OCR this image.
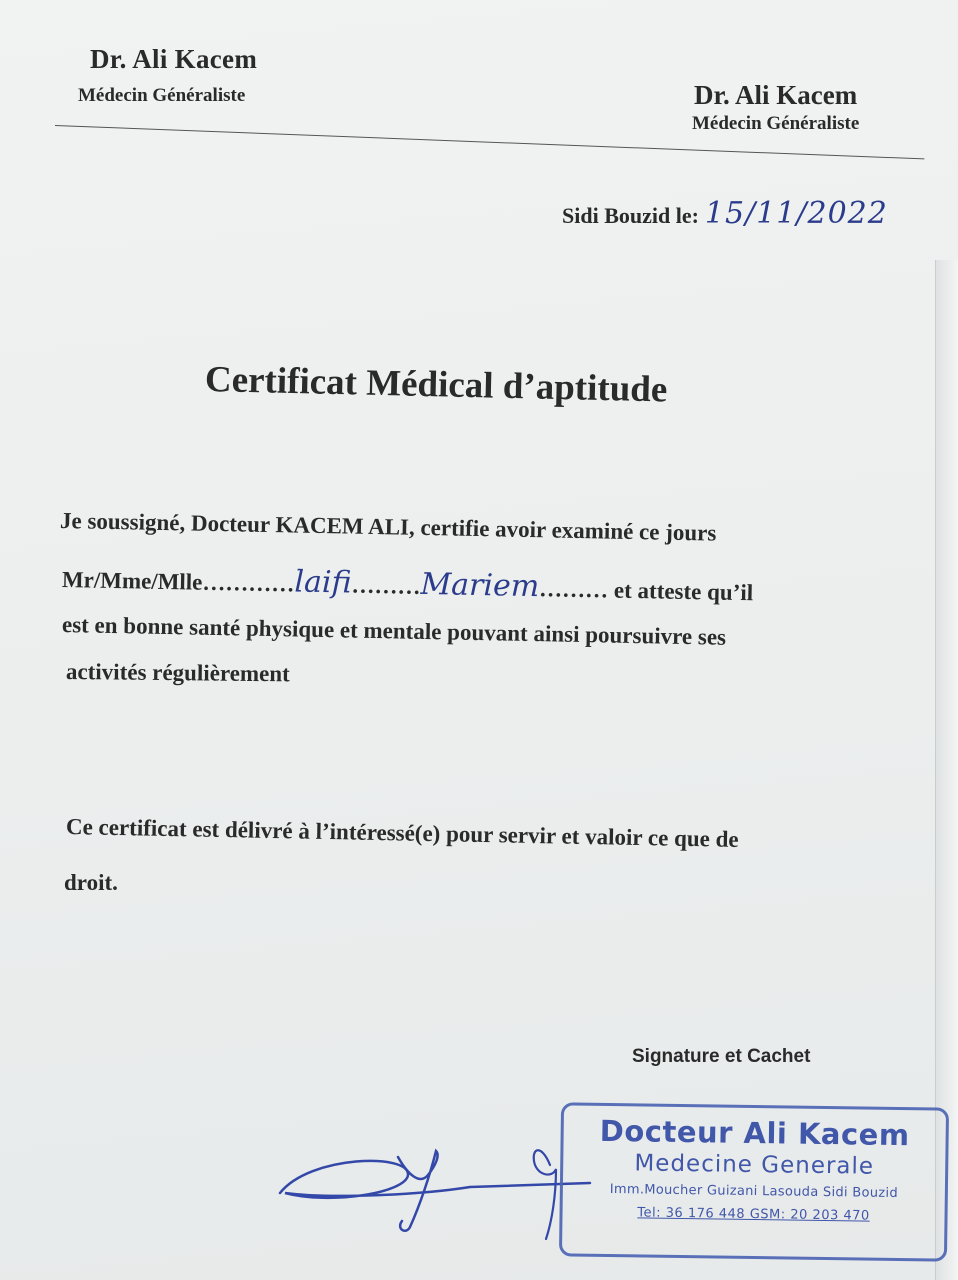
Dr. Ali Kacem
Médecin Généraliste	Dr. Ali Kacem
Médecin Généraliste
Sidi Bouzid le: 15/11/2022
Certificat Médical d’aptitude
Je soussigné, Docteur KACEM ALI, certifie avoir examiné ce jours
Mr/Mme/Mlle…………laifi………Mariem……… et atteste qu’il
est en bonne santé physique et mentale pouvant ainsi poursuivre ses
activités régulièrement
Ce certificat est délivré à l’intéressé(e) pour servir et valoir ce que de
droit.
Signature et Cachet
Docteur Ali Kacem
Medecine Generale
Imm.Moucher Guizani Lasouda Sidi Bouzid
Tel: 36 176 448 GSM: 20 203 470
